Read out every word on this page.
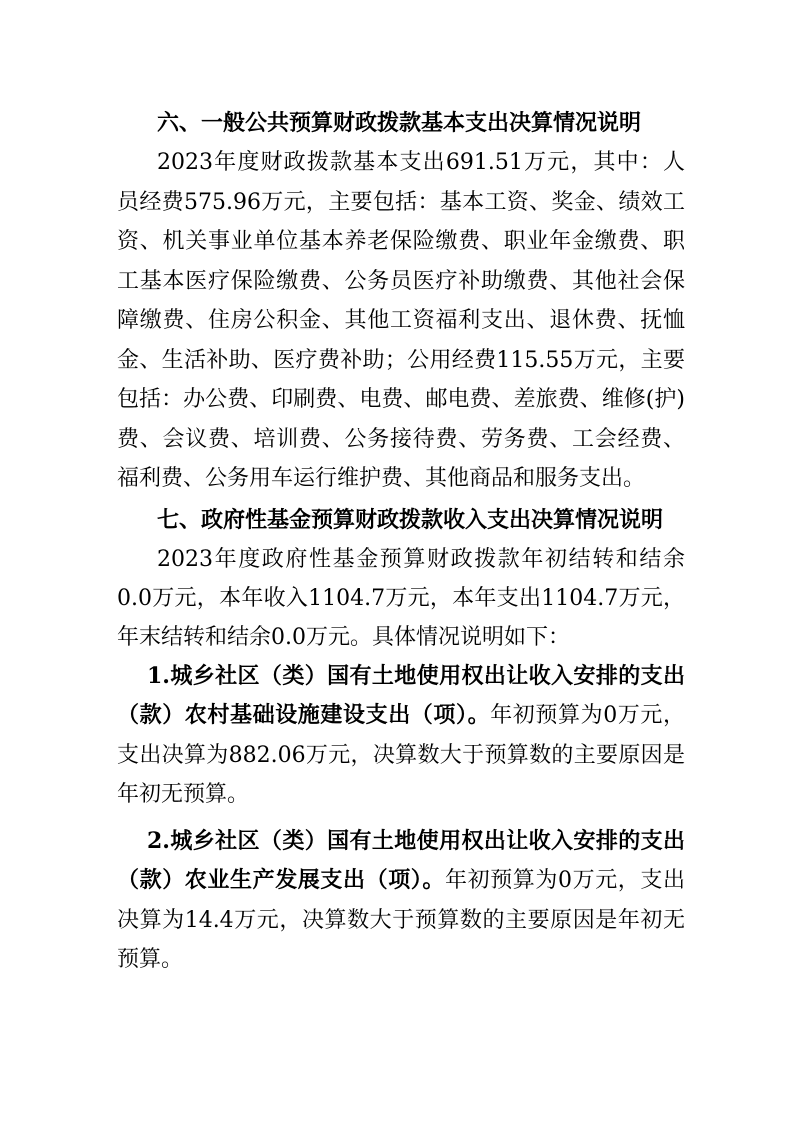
六、一般公共预算财政拨款基本支出决算情况说明

2023年度财政拨款基本支出691.51万元，其中：人员经费575.96万元，主要包括：基本工资、奖金、绩效工资、机关事业单位基本养老保险缴费、职业年金缴费、职工基本医疗保险缴费、公务员医疗补助缴费、其他社会保障缴费、住房公积金、其他工资福利支出、退休费、抚恤金、生活补助、医疗费补助；公用经费115.55万元，主要包括：办公费、印刷费、电费、邮电费、差旅费、维修(护)费、会议费、培训费、公务接待费、劳务费、工会经费、福利费、公务用车运行维护费、其他商品和服务支出。

七、政府性基金预算财政拨款收入支出决算情况说明

2023年度政府性基金预算财政拨款年初结转和结余0.0万元，本年收入1104.7万元，本年支出1104.7万元，年末结转和结余0.0万元。具体情况说明如下：

1.城乡社区（类）国有土地使用权出让收入安排的支出（款）农村基础设施建设支出（项）。年初预算为0万元，支出决算为882.06万元，决算数大于预算数的主要原因是年初无预算。

2.城乡社区（类）国有土地使用权出让收入安排的支出（款）农业生产发展支出（项）。年初预算为0万元，支出决算为14.4万元，决算数大于预算数的主要原因是年初无预算。
